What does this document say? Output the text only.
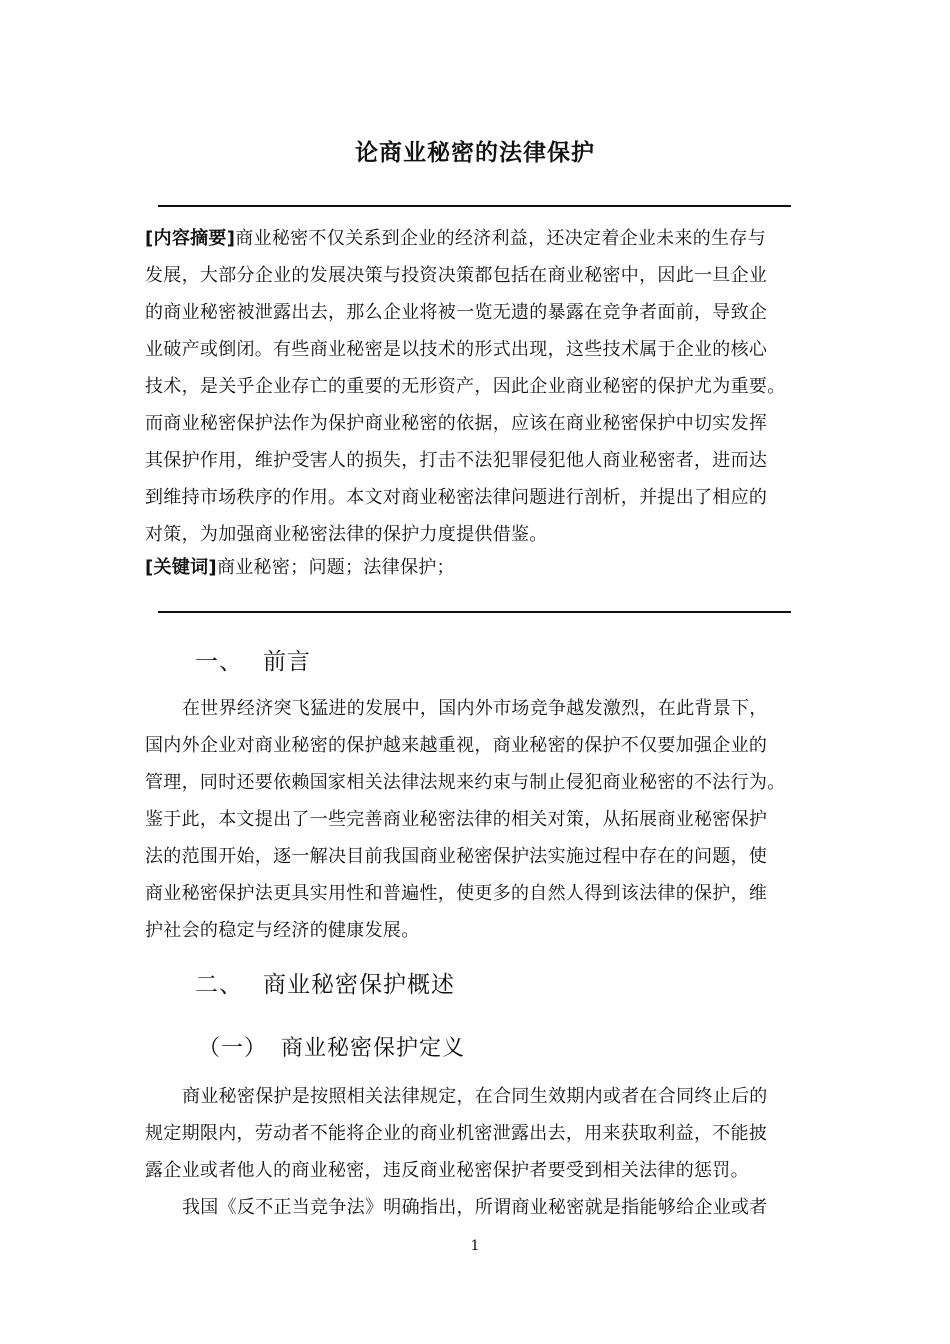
论商业秘密的法律保护
[内容摘要]商业秘密不仅关系到企业的经济利益，还决定着企业未来的生存与
发展，大部分企业的发展决策与投资决策都包括在商业秘密中，因此一旦企业
的商业秘密被泄露出去，那么企业将被一览无遗的暴露在竞争者面前，导致企
业破产或倒闭。有些商业秘密是以技术的形式出现，这些技术属于企业的核心
技术，是关乎企业存亡的重要的无形资产，因此企业商业秘密的保护尤为重要。
而商业秘密保护法作为保护商业秘密的依据，应该在商业秘密保护中切实发挥
其保护作用，维护受害人的损失，打击不法犯罪侵犯他人商业秘密者，进而达
到维持市场秩序的作用。本文对商业秘密法律问题进行剖析，并提出了相应的
对策，为加强商业秘密法律的保护力度提供借鉴。
[关键词]商业秘密；问题；法律保护；
一、 前言
在世界经济突飞猛进的发展中，国内外市场竞争越发激烈，在此背景下，
国内外企业对商业秘密的保护越来越重视，商业秘密的保护不仅要加强企业的
管理，同时还要依赖国家相关法律法规来约束与制止侵犯商业秘密的不法行为。
鉴于此，本文提出了一些完善商业秘密法律的相关对策，从拓展商业秘密保护
法的范围开始，逐一解决目前我国商业秘密保护法实施过程中存在的问题，使
商业秘密保护法更具实用性和普遍性，使更多的自然人得到该法律的保护，维
护社会的稳定与经济的健康发展。
二、 商业秘密保护概述
（一） 商业秘密保护定义
商业秘密保护是按照相关法律规定，在合同生效期内或者在合同终止后的
规定期限内，劳动者不能将企业的商业机密泄露出去，用来获取利益，不能披
露企业或者他人的商业秘密，违反商业秘密保护者要受到相关法律的惩罚。
我国《反不正当竞争法》明确指出，所谓商业秘密就是指能够给企业或者
1
